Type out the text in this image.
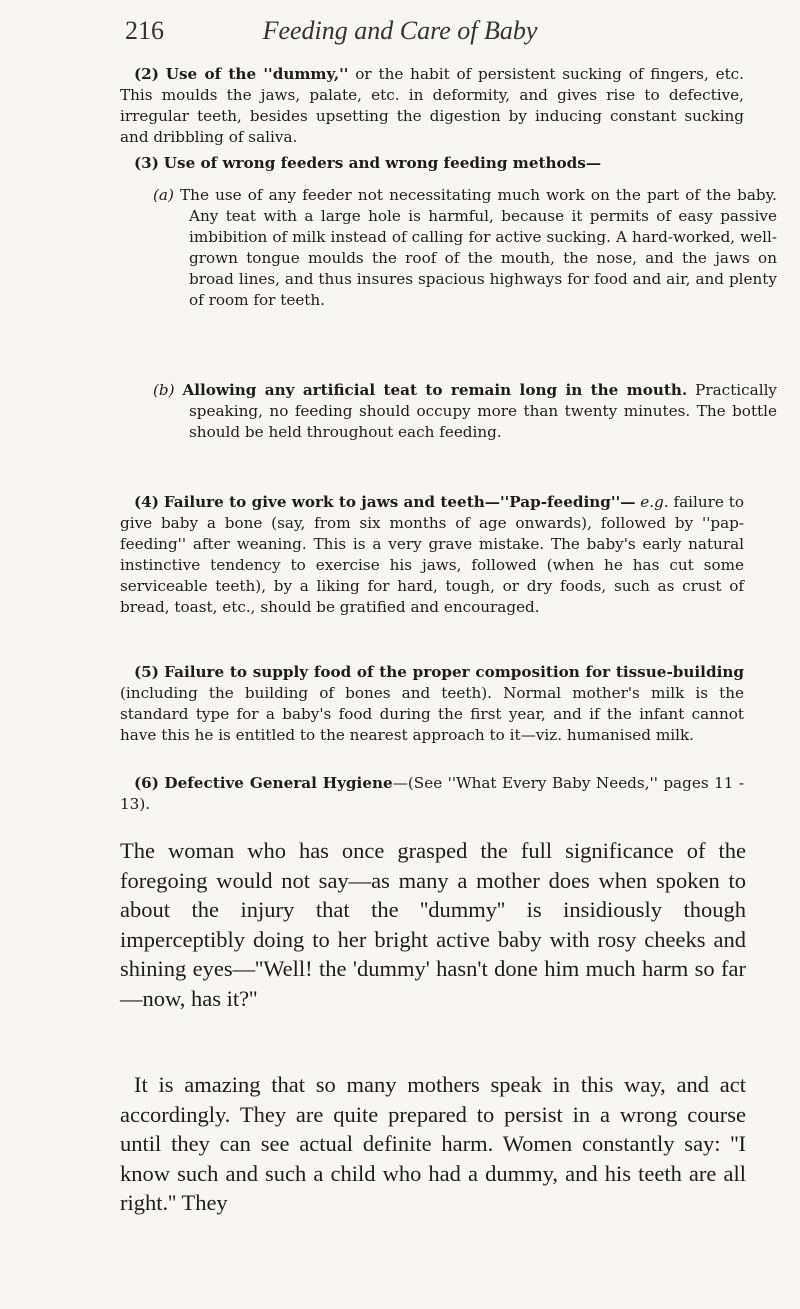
216	Feeding and Care of Baby

(2) Use of the ''dummy,'' or the habit of persistent sucking of fingers, etc. This moulds the jaws, palate, etc. in deformity, and gives rise to defective, irregular teeth, besides upsetting the digestion by inducing constant sucking and dribbling of saliva.

(3) Use of wrong feeders and wrong feeding methods—

(a) The use of any feeder not necessitating much work on the part of the baby. Any teat with a large hole is harmful, because it permits of easy passive imbibition of milk instead of calling for active sucking. A hard-worked, well-grown tongue moulds the roof of the mouth, the nose, and the jaws on broad lines, and thus insures spacious highways for food and air, and plenty of room for teeth.

(b) Allowing any artificial teat to remain long in the mouth. Practically speaking, no feeding should occupy more than twenty minutes. The bottle should be held throughout each feeding.

(4) Failure to give work to jaws and teeth—''Pap-feeding''— e.g. failure to give baby a bone (say, from six months of age onwards), followed by ''pap-feeding'' after weaning. This is a very grave mistake. The baby's early natural instinctive tendency to exercise his jaws, followed (when he has cut some serviceable teeth), by a liking for hard, tough, or dry foods, such as crust of bread, toast, etc., should be gratified and encouraged.

(5) Failure to supply food of the proper composition for tissue-building (including the building of bones and teeth). Normal mother's milk is the standard type for a baby's food during the first year, and if the infant cannot have this he is entitled to the nearest approach to it—viz. humanised milk.

(6) Defective General Hygiene—(See ''What Every Baby Needs,'' pages 11 - 13).

The woman who has once grasped the full significance of the foregoing would not say—as many a mother does when spoken to about the injury that the ''dummy'' is insidiously though imperceptibly doing to her bright active baby with rosy cheeks and shining eyes—''Well! the 'dummy' hasn't done him much harm so far—now, has it?''

It is amazing that so many mothers speak in this way, and act accordingly. They are quite prepared to persist in a wrong course until they can see actual definite harm. Women constantly say: ''I know such and such a child who had a dummy, and his teeth are all right.'' They
